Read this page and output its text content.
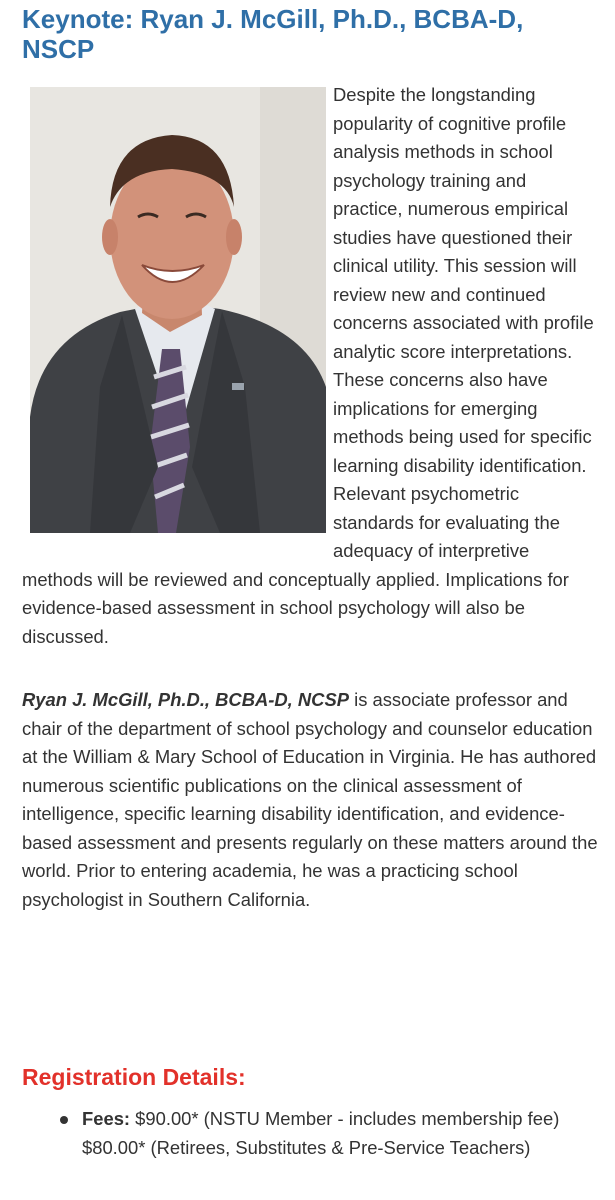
Keynote: Ryan J. McGill, Ph.D., BCBA-D, NSCP

Despite the longstanding popularity of cognitive profile analysis methods in school psychology training and practice, numerous empirical studies have questioned their clinical utility. This session will review new and continued concerns associated with profile analytic score interpretations. These concerns also have implications for emerging methods being used for specific learning disability identification. Relevant psychometric standards for evaluating the adequacy of interpretive methods will be reviewed and conceptually applied. Implications for evidence-based assessment in school psychology will also be discussed.

Ryan J. McGill, Ph.D., BCBA-D, NCSP is associate professor and chair of the department of school psychology and counselor education at the William & Mary School of Education in Virginia. He has authored numerous scientific publications on the clinical assessment of intelligence, specific learning disability identification, and evidence-based assessment and presents regularly on these matters around the world. Prior to entering academia, he was a practicing school psychologist in Southern California.

Registration Details:
Fees: $90.00* (NSTU Member - includes membership fee)
$80.00* (Retirees, Substitutes & Pre-Service Teachers)
